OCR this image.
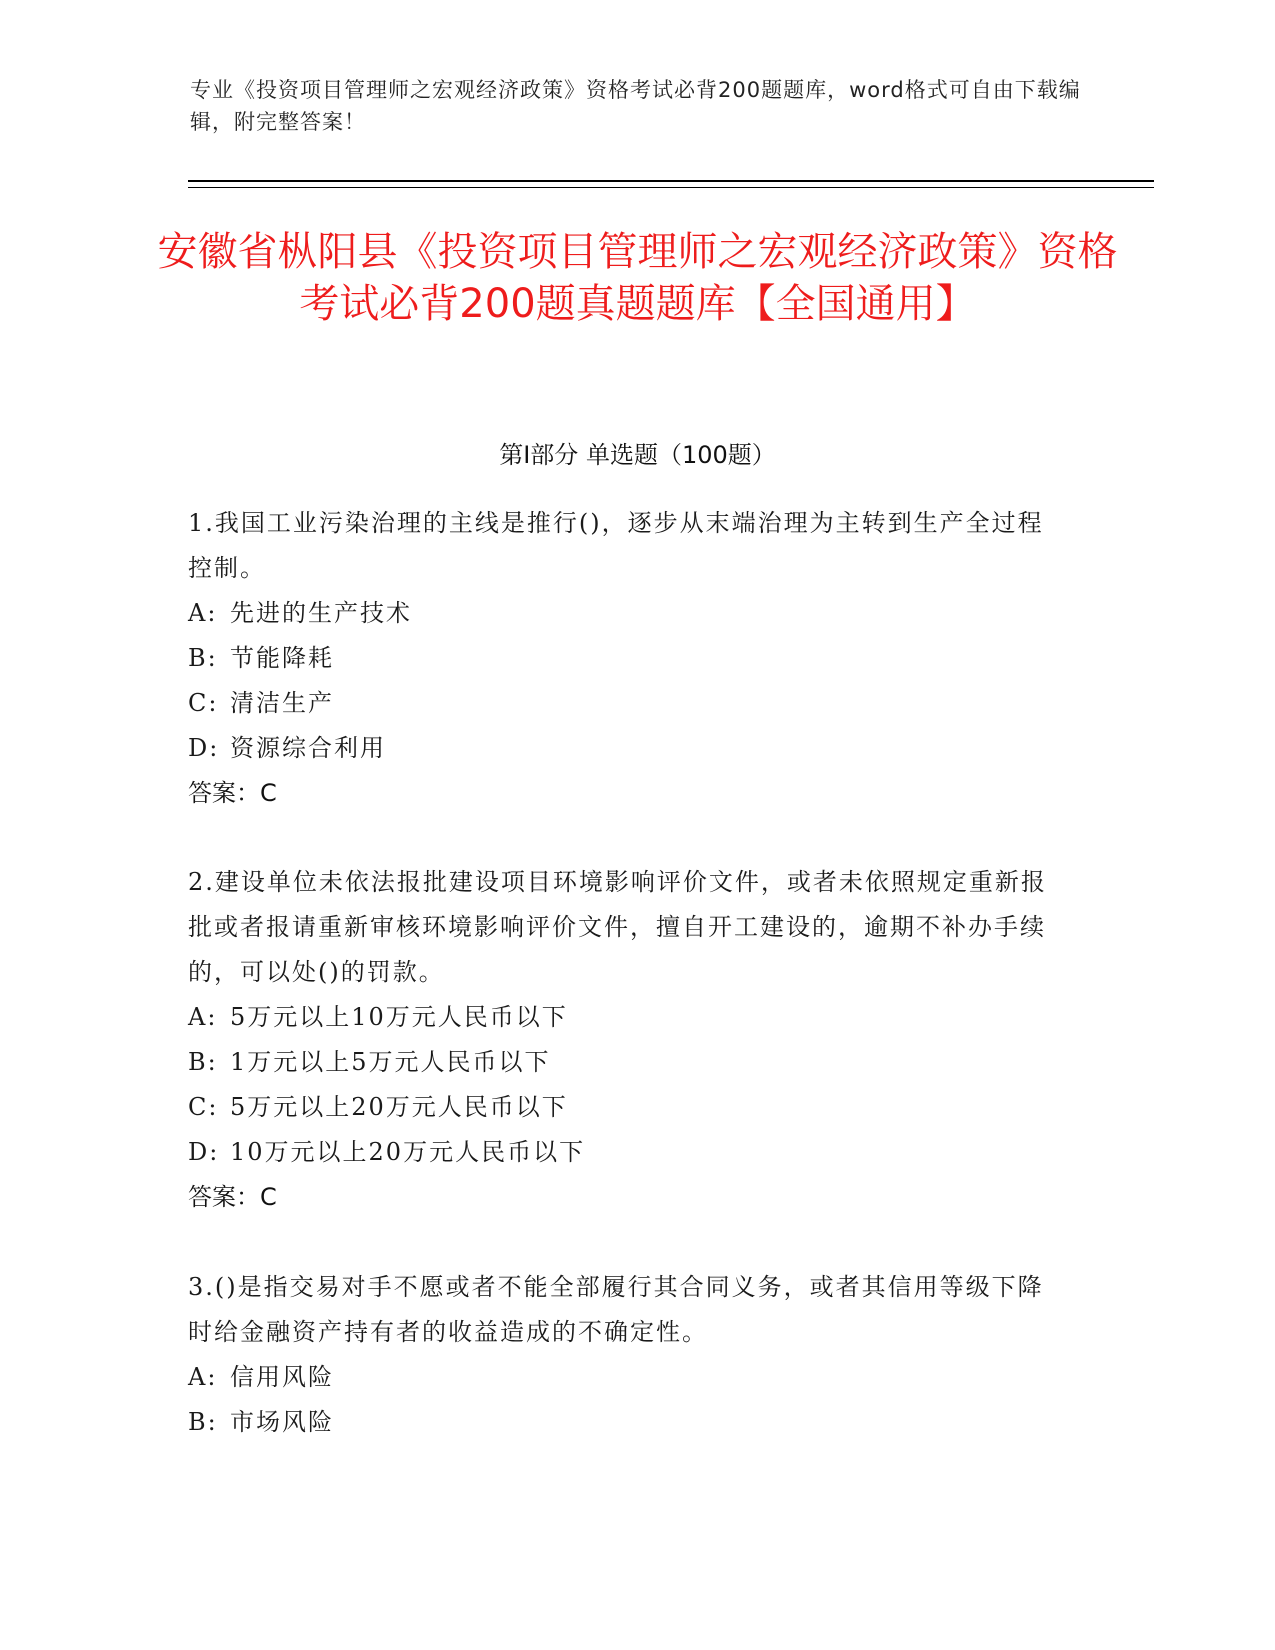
专业《投资项目管理师之宏观经济政策》资格考试必背200题题库，word格式可自由下载编辑，附完整答案！
安徽省枞阳县《投资项目管理师之宏观经济政策》资格考试必背200题真题题库【全国通用】
第I部分 单选题（100题）
1.我国工业污染治理的主线是推行()，逐步从末端治理为主转到生产全过程控制。
A: 先进的生产技术
B: 节能降耗
C: 清洁生产
D: 资源综合利用
答案：C
2.建设单位未依法报批建设项目环境影响评价文件，或者未依照规定重新报批或者报请重新审核环境影响评价文件，擅自开工建设的，逾期不补办手续的，可以处()的罚款。
A: 5万元以上10万元人民币以下
B: 1万元以上5万元人民币以下
C: 5万元以上20万元人民币以下
D: 10万元以上20万元人民币以下
答案：C
3.()是指交易对手不愿或者不能全部履行其合同义务，或者其信用等级下降时给金融资产持有者的收益造成的不确定性。
A: 信用风险
B: 市场风险
